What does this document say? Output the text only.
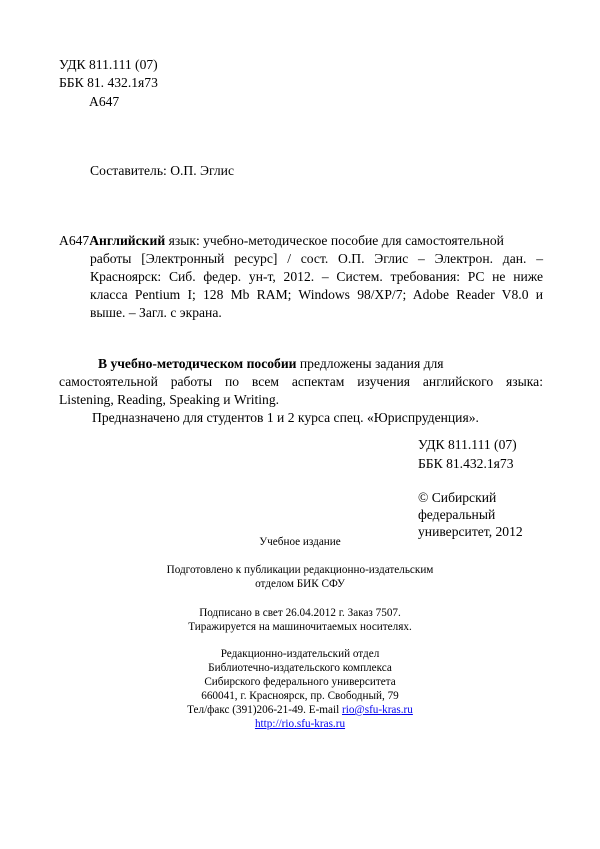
УДК 811.111 (07)
ББК 81. 432.1я73
А647
Составитель: О.П. Эглис
А647Английский язык: учебно-методическое пособие для самостоятельной
работы [Электронный ресурс] / сост. О.П. Эглис – Электрон. дан. –
Красноярск: Сиб. федер. ун-т, 2012. – Систем. требования: PC не ниже
класса Pentium I; 128 Mb RAM; Windows 98/XP/7; Adobe Reader V8.0 и
выше. – Загл. с экрана.
В учебно-методическом пособии предложены задания для
самостоятельной работы по всем аспектам изучения английского языка:
Listening, Reading, Speaking и Writing.
Предназначено для студентов 1 и 2 курса спец. «Юриспруденция».
УДК 811.111 (07)
ББК 81.432.1я73
© Сибирский
федеральный
университет, 2012
Учебное издание
Подготовлено к публикации редакционно-издательским
отделом БИК СФУ
Подписано в свет 26.04.2012 г. Заказ 7507.
Тиражируется на машиночитаемых носителях.
Редакционно-издательский отдел
Библиотечно-издательского комплекса
Сибирского федерального университета
660041, г. Красноярск, пр. Свободный, 79
Тел/факс (391)206-21-49. E-mail rio@sfu-kras.ru
http://rio.sfu-kras.ru
